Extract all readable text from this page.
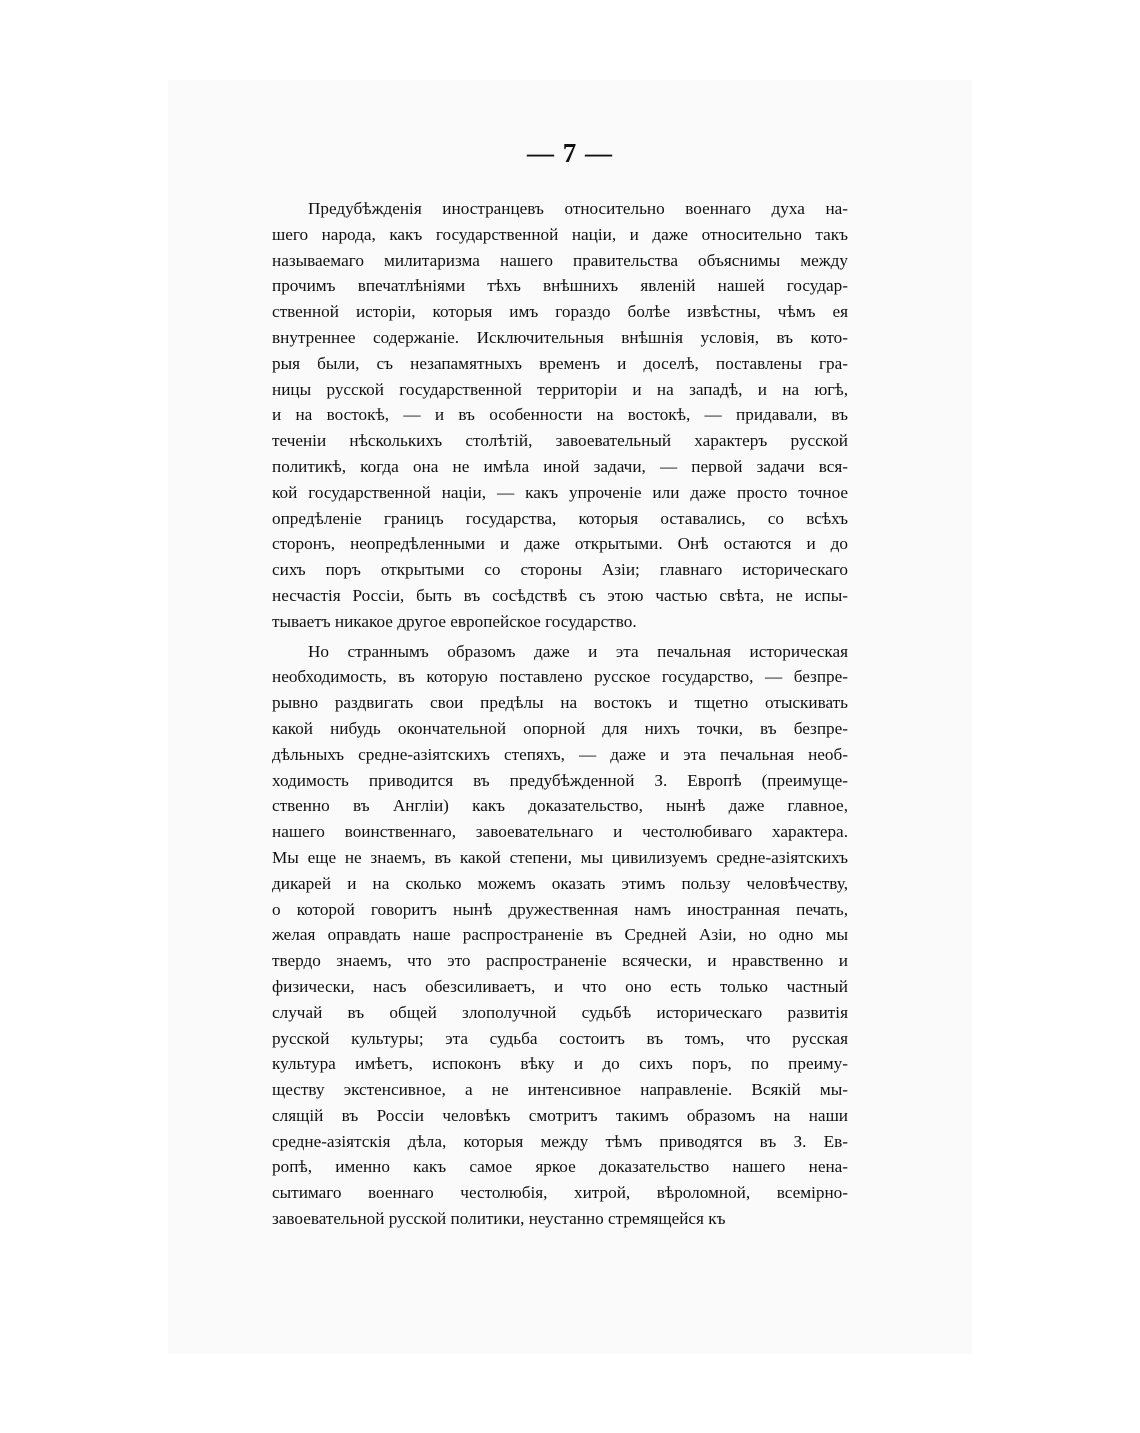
— 7 —
Предубѣжденія иностранцевъ относительно военнаго духа на-
шего народа, какъ государственной націи, и даже относительно такъ
называемаго милитаризма нашего правительства объяснимы между
прочимъ впечатлѣніями тѣхъ внѣшнихъ явленій нашей государ-
ственной исторіи, которыя имъ гораздо болѣе извѣстны, чѣмъ ея
внутреннее содержаніе. Исключительныя внѣшнія условія, въ кото-
рыя были, съ незапамятныхъ временъ и доселѣ, поставлены гра-
ницы русской государственной территоріи и на западѣ, и на югѣ,
и на востокѣ, — и въ особенности на востокѣ, — придавали, въ
теченіи нѣсколькихъ столѣтій, завоевательный характеръ русской
политикѣ, когда она не имѣла иной задачи, — первой задачи вся-
кой государственной націи, — какъ упроченіе или даже просто точное
опредѣленіе границъ государства, которыя оставались, со всѣхъ
сторонъ, неопредѣленными и даже открытыми. Онѣ остаются и до
сихъ поръ открытыми со стороны Азіи; главнаго историческаго
несчастія Россіи, быть въ сосѣдствѣ съ этою частью свѣта, не испы-
тываетъ никакое другое европейское государство.
Но страннымъ образомъ даже и эта печальная историческая
необходимость, въ которую поставлено русское государство, — безпре-
рывно раздвигать свои предѣлы на востокъ и тщетно отыскивать
какой нибудь окончательной опорной для нихъ точки, въ безпре-
дѣльныхъ средне-азіятскихъ степяхъ, — даже и эта печальная необ-
ходимость приводится въ предубѣжденной З. Европѣ (преимуще-
ственно въ Англіи) какъ доказательство, нынѣ даже главное,
нашего воинственнаго, завоевательнаго и честолюбиваго характера.
Мы еще не знаемъ, въ какой степени, мы цивилизуемъ средне-азіятскихъ
дикарей и на сколько можемъ оказать этимъ пользу человѣчеству,
о которой говоритъ нынѣ дружественная намъ иностранная печать,
желая оправдать наше распространеніе въ Средней Азіи, но одно мы
твердо знаемъ, что это распространеніе всячески, и нравственно и
физически, насъ обезсиливаетъ, и что оно есть только частный
случай въ общей злополучной судьбѣ историческаго развитія
русской культуры; эта судьба состоитъ въ томъ, что русская
культура имѣетъ, испоконъ вѣку и до сихъ поръ, по преиму-
ществу экстенсивное, а не интенсивное направленіе. Всякій мы-
слящій въ Россіи человѣкъ смотритъ такимъ образомъ на наши
средне-азіятскія дѣла, которыя между тѣмъ приводятся въ З. Ев-
ропѣ, именно какъ самое яркое доказательство нашего нена-
сытимаго военнаго честолюбія, хитрой, вѣроломной, всемірно-
завоевательной русской политики, неустанно стремящейся къ
